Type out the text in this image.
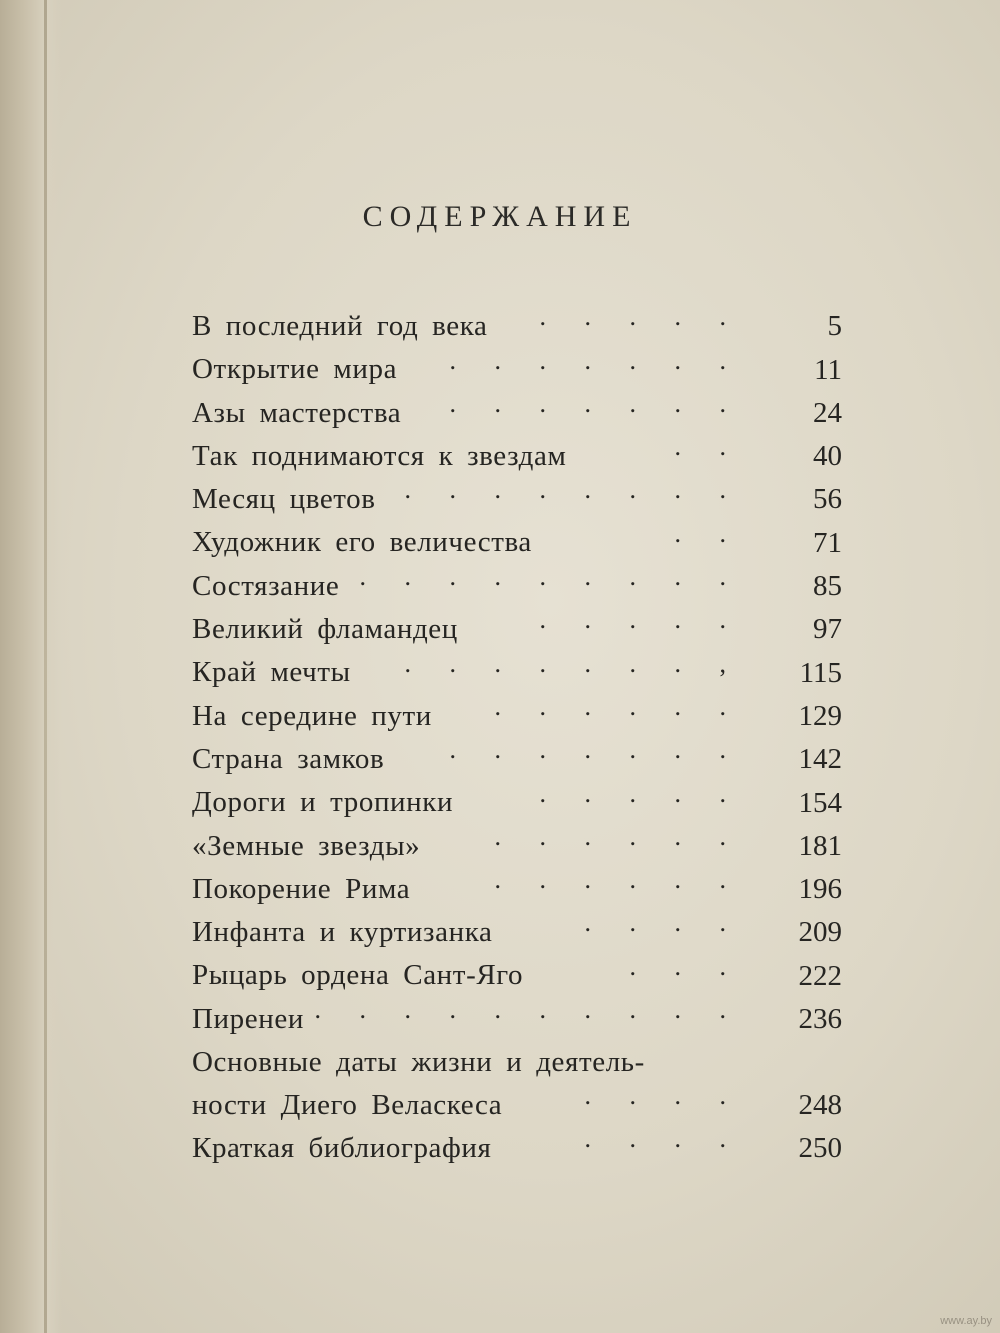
СОДЕРЖАНИЕ
В последний год века . . . . .	5
Открытие мира . . . . . . .	11
Азы мастерства . . . . . . .	24
Так поднимаются к звездам	. .	40
Месяц цветов . . . . . . . .	56
Художник его величества	. .	71
Состязание . . . . . . . . .	85
Великий фламандец	. . . . .	97
Край мечты . . . . . . . ,	115
На середине пути . . . . . .	129
Страна замков	. . . . . . .	142
Дороги и тропинки	. . . . .	154
«Земные звезды»	. . . . . .	181
Покорение Рима	. . . . . .	196
Инфанта и куртизанка	. . . .	209
Рыцарь ордена Сант-Яго	. . .	222
Пиренеи . . . . . . . . . .	236
Основные даты жизни и деятель-
ности Диего Веласкеса	. . . .	248
Краткая библиография	. . . .	250
www.ay.by
